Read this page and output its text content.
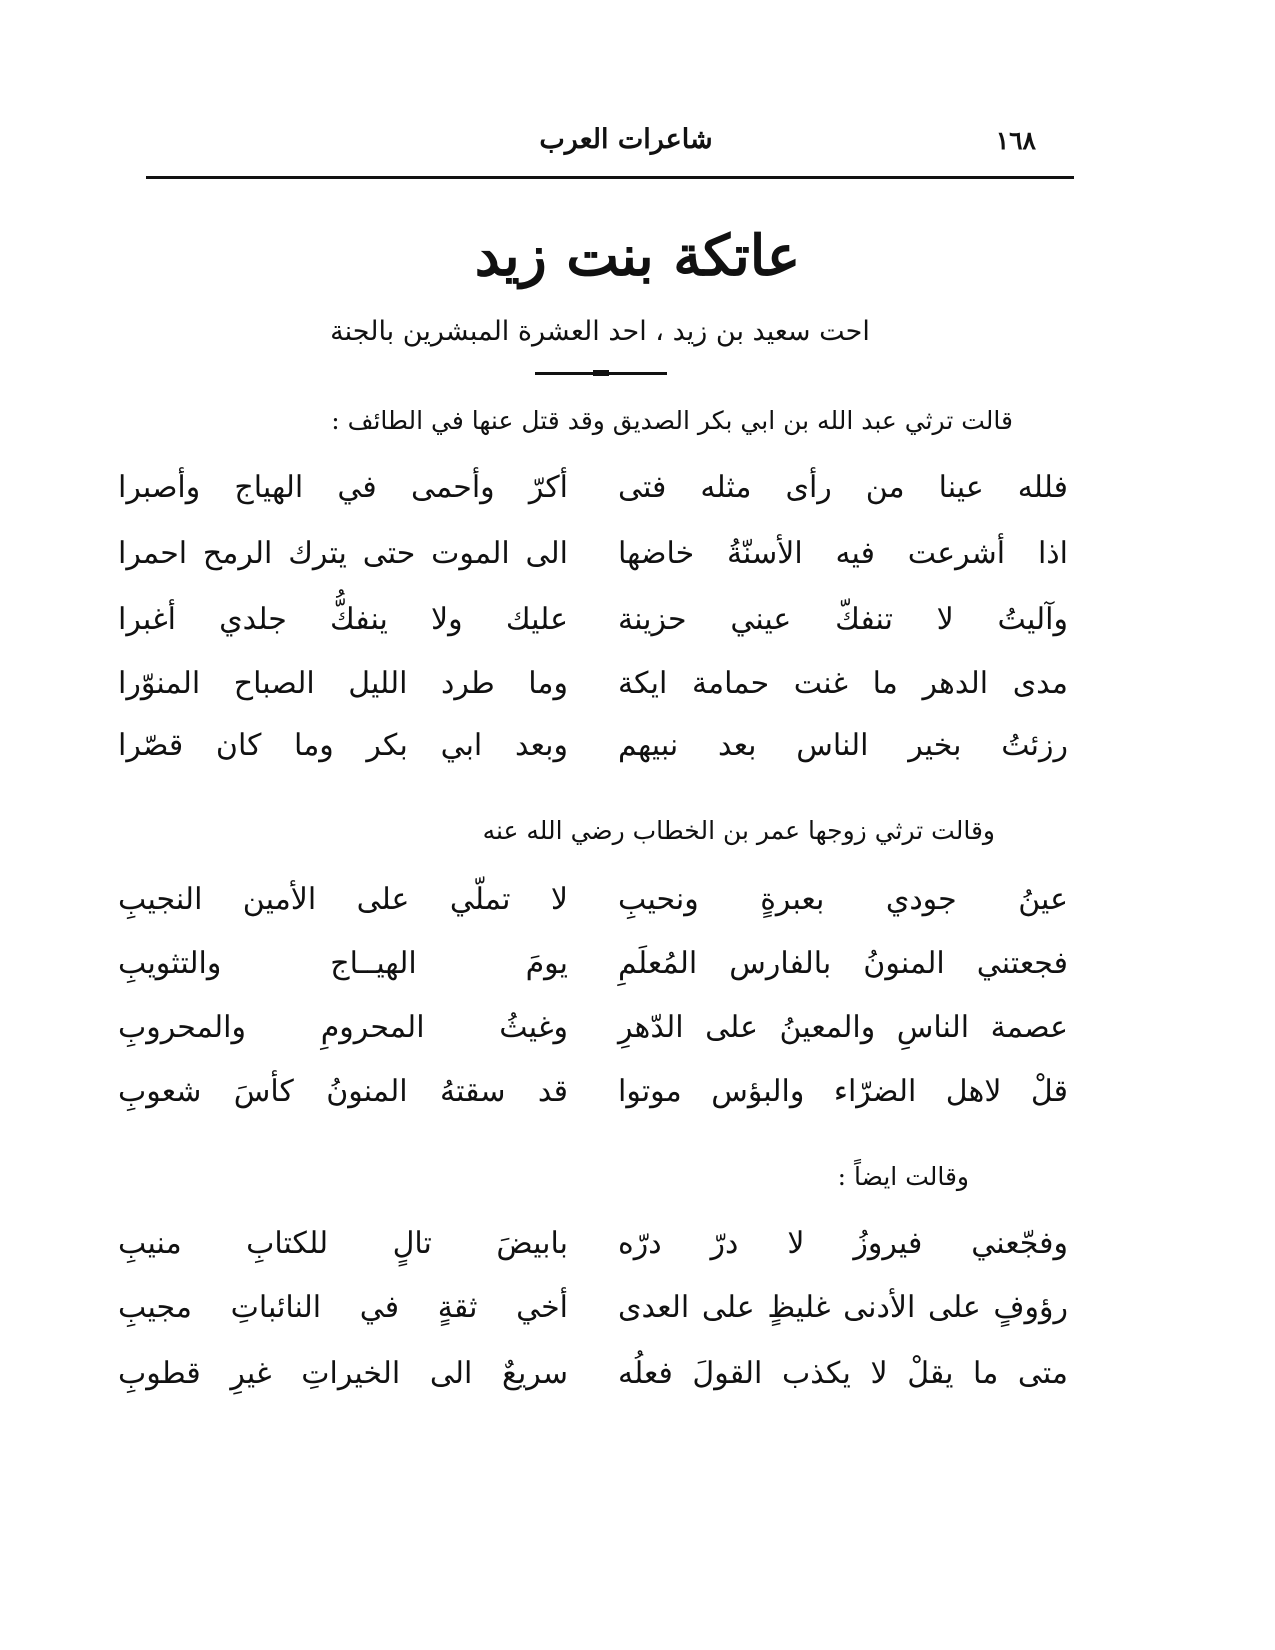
١٦٨
شاعرات العرب
عاتكة بنت زيد
احت سعيد بن زيد ، احد العشرة المبشرين بالجنة
قالت ترثي عبد الله بن ابي بكر الصديق وقد قتل عنها في الطائف :
فلله عينا من رأى مثله فتى
أكرّ وأحمى في الهياج وأصبرا
اذا أشرعت فيه الأسنّةُ خاضها
الى الموت حتى يترك الرمح احمرا
وآليتُ لا تنفكّ عيني حزينة
عليك ولا ينفكُّ جلدي أغبرا
مدى الدهر ما غنت حمامة ايكة
وما طرد الليل الصباح المنوّرا
رزئتُ بخير الناس بعد نبيهم
وبعد ابي بكر وما كان قصّرا
وقالت ترثي زوجها عمر بن الخطاب رضي الله عنه
عينُ جودي بعبرةٍ ونحيبِ
لا تملّي على الأمين النجيبِ
فجعتني المنونُ بالفارس المُعلَمِ
يومَ الهيــاج والتثويبِ
عصمة الناسِ والمعينُ على الدّهرِ
وغيثُ المحرومِ والمحروبِ
قلْ لاهل الضرّاء والبؤس موتوا
قد سقتهُ المنونُ كأسَ شعوبِ
وقالت ايضاً :
وفجّعني فيروزُ لا درّ درّه
بابيضَ تالٍ للكتابِ منيبِ
رؤوفٍ على الأدنى غليظٍ على العدى
أخي ثقةٍ في النائباتِ مجيبِ
متى ما يقلْ لا يكذب القولَ فعلُه
سريعٌ الى الخيراتِ غيرِ قطوبِ
